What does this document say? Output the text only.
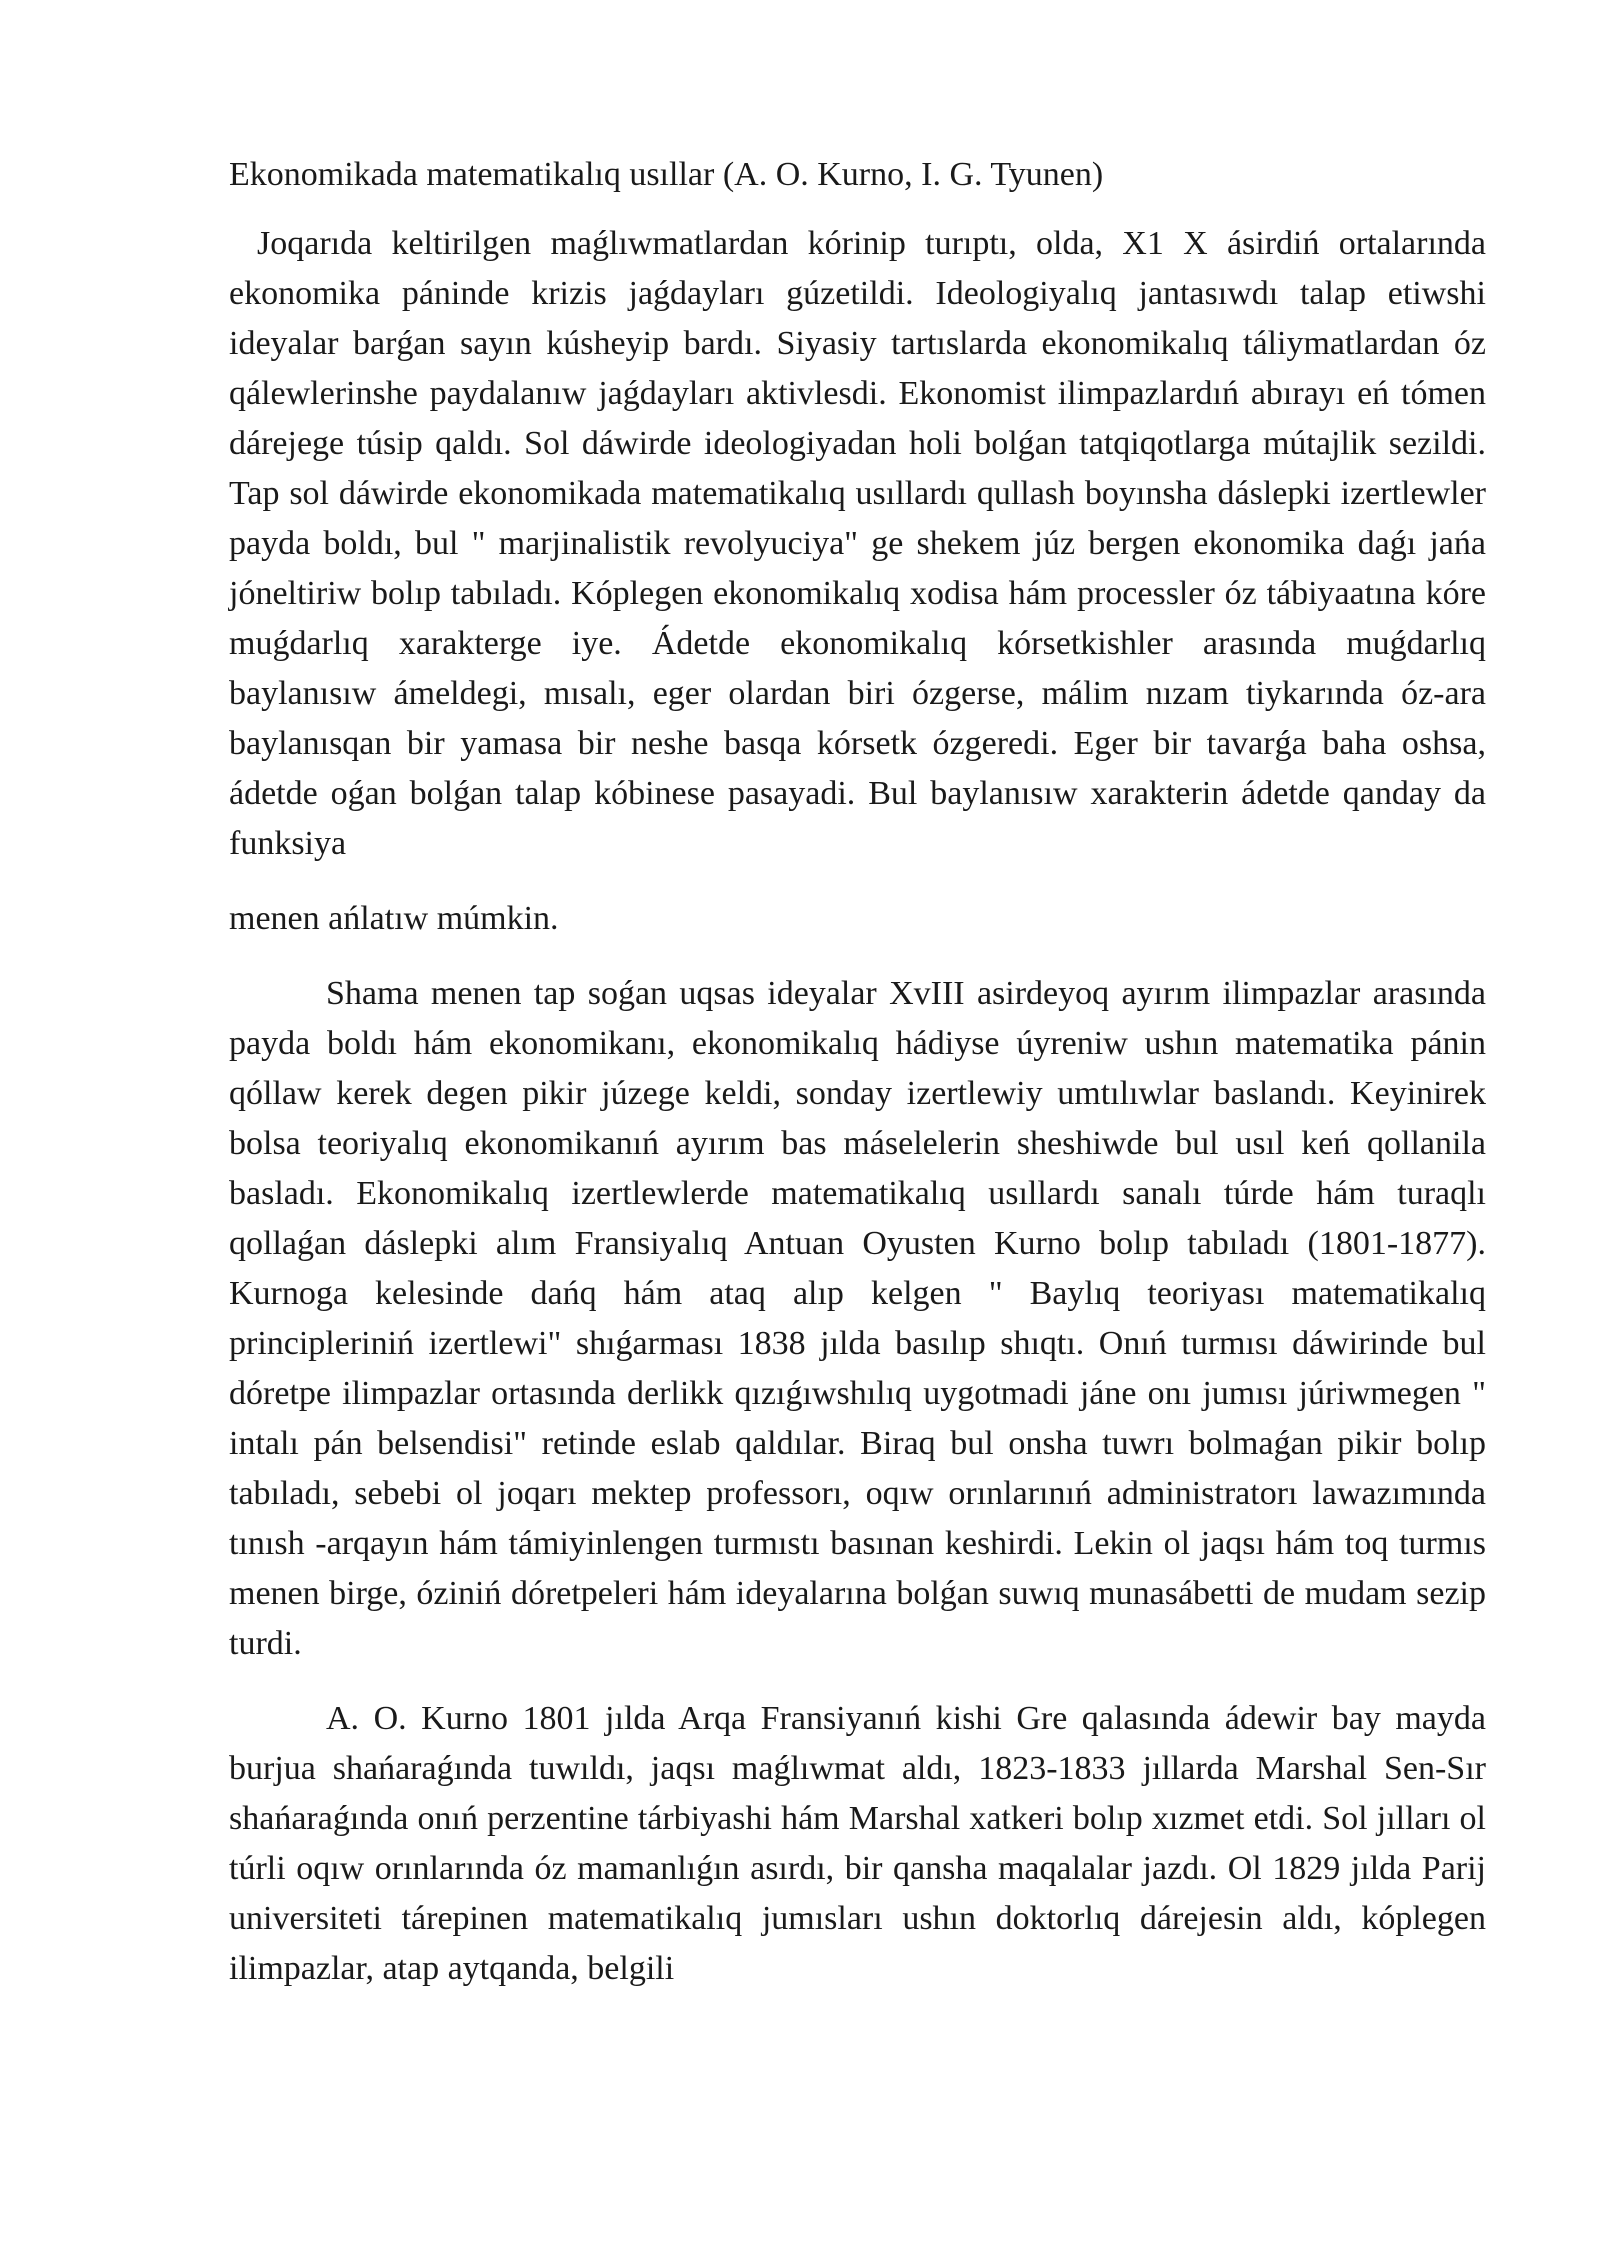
Ekonomikada matematikalıq usıllar (A. O. Kurno, I. G. Tyunen)

Joqarıda keltirilgen maǵlıwmatlardan kórinip turıptı, olda, X1 X ásirdiń ortalarında ekonomika páninde krizis jaǵdayları gúzetildi. Ideologiyalıq jantasıwdı talap etiwshi ideyalar barǵan sayın kúsheyip bardı. Siyasiy tartıslarda ekonomikalıq táliymatlardan óz qálewlerinshe paydalanıw jaǵdayları aktivlesdi. Ekonomist ilimpazlardıń abırayı eń tómen dárejege túsip qaldı. Sol dáwirde ideologiyadan holi bolǵan tatqiqotlarga mútajlik sezildi. Tap sol dáwirde ekonomikada matematikalıq usıllardı qullash boyınsha dáslepki izertlewler payda boldı, bul " marjinalistik revolyuciya" ge shekem júz bergen ekonomika daǵı jańa jóneltiriw bolıp tabıladı. Kóplegen ekonomikalıq xodisa hám processler óz tábiyaatına kóre muǵdarlıq xarakterge iye. Ádetde ekonomikalıq kórsetkishler arasında muǵdarlıq baylanısıw ámeldegi, mısalı, eger olardan biri ózgerse, málim nızam tiykarında óz-ara baylanısqan bir yamasa bir neshe basqa kórsetk ózgeredi. Eger bir tavarǵa baha oshsa, ádetde oǵan bolǵan talap kóbinese pasayadi. Bul baylanısıw xarakterin ádetde qanday da funksiya

menen ańlatıw múmkin.

Shama menen tap soǵan uqsas ideyalar XvIII asirdeyoq ayırım ilimpazlar arasında payda boldı hám ekonomikanı, ekonomikalıq hádiyse úyreniw ushın matematika pánin qóllaw kerek degen pikir júzege keldi, sonday izertlewiy umtılıwlar baslandı. Keyinirek bolsa teoriyalıq ekonomikanıń ayırım bas máselelerin sheshiwde bul usıl keń qollanila basladı. Ekonomikalıq izertlewlerde matematikalıq usıllardı sanalı túrde hám turaqlı qollaǵan dáslepki alım Fransiyalıq Antuan Oyusten Kurno bolıp tabıladı (1801-1877). Kurnoga kelesinde dańq hám ataq alıp kelgen " Baylıq teoriyası matematikalıq principleriniń izertlewi" shıǵarması 1838 jılda basılıp shıqtı. Onıń turmısı dáwirinde bul dóretpe ilimpazlar ortasında derlikk qızıǵıwshılıq uygotmadi jáne onı jumısı júriwmegen " intalı pán belsendisi" retinde eslab qaldılar. Biraq bul onsha tuwrı bolmaǵan pikir bolıp tabıladı, sebebi ol joqarı mektep professorı, oqıw orınlarınıń administratorı lawazımında tınısh -arqayın hám támiyinlengen turmıstı basınan keshirdi. Lekin ol jaqsı hám toq turmıs menen birge, óziniń dóretpeleri hám ideyalarına bolǵan suwıq munasábetti de mudam sezip turdi.

A. O. Kurno 1801 jılda Arqa Fransiyanıń kishi Gre qalasında ádewir bay mayda burjua shańaraǵında tuwıldı, jaqsı maǵlıwmat aldı, 1823-1833 jıllarda Marshal Sen-Sır shańaraǵında onıń perzentine tárbiyashi hám Marshal xatkeri bolıp xızmet etdi. Sol jılları ol túrli oqıw orınlarında óz mamanlıǵın asırdı, bir qansha maqalalar jazdı. Ol 1829 jılda Parij universiteti tárepinen matematikalıq jumısları ushın doktorlıq dárejesin aldı, kóplegen ilimpazlar, atap aytqanda, belgili
